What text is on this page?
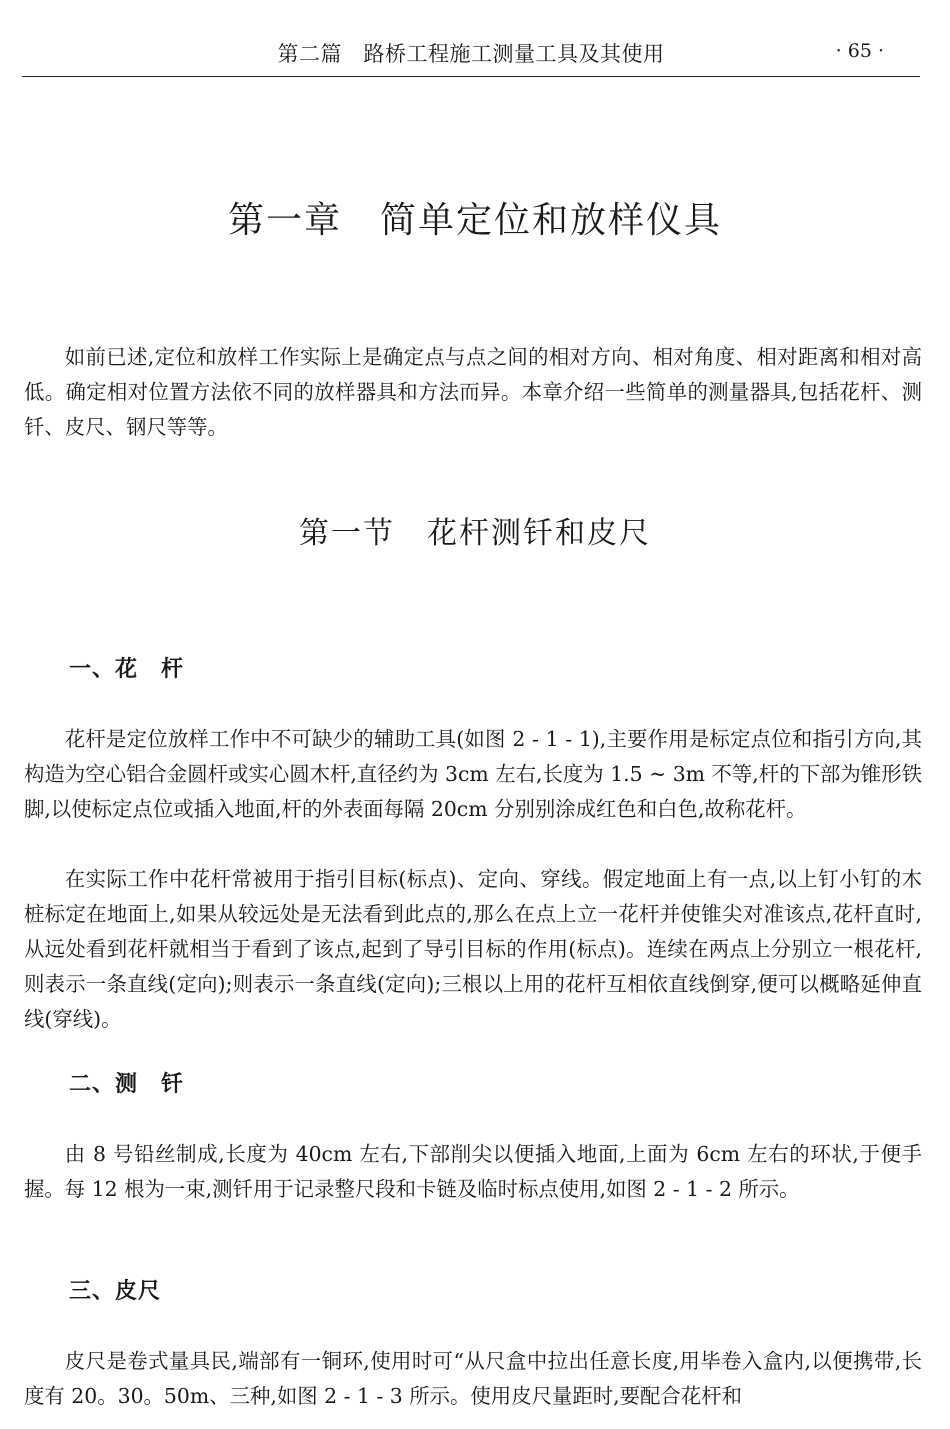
第二篇　路桥工程施工测量工具及其使用	· 65 ·
第一章　简单定位和放样仪具

如前已述,定位和放样工作实际上是确定点与点之间的相对方向、相对角度、相对距离和相对高低。确定相对位置方法依不同的放样器具和方法而异。本章介绍一些简单的测量器具,包括花杆、测钎、皮尺、钢尺等等。

第一节　花杆测钎和皮尺
一、花　杆

花杆是定位放样工作中不可缺少的辅助工具(如图 2 - 1 - 1),主要作用是标定点位和指引方向,其构造为空心铝合金圆杆或实心圆木杆,直径约为 3cm 左右,长度为 1.5 ~ 3m 不等,杆的下部为锥形铁脚,以使标定点位或插入地面,杆的外表面每隔 20cm 分别别涂成红色和白色,故称花杆。

在实际工作中花杆常被用于指引目标(标点)、定向、穿线。假定地面上有一点,以上钉小钉的木桩标定在地面上,如果从较远处是无法看到此点的,那么在点上立一花杆并使锥尖对准该点,花杆直时,从远处看到花杆就相当于看到了该点,起到了导引目标的作用(标点)。连续在两点上分别立一根花杆,则表示一条直线(定向);则表示一条直线(定向);三根以上用的花杆互相依直线倒穿,便可以概略延伸直线(穿线)。

二、测　钎

由 8 号铅丝制成,长度为 40cm 左右,下部削尖以便插入地面,上面为 6cm 左右的环状,于便手握。每 12 根为一束,测钎用于记录整尺段和卡链及临时标点使用,如图 2 - 1 - 2 所示。

三、皮尺

皮尺是卷式量具民,端部有一铜环,使用时可“从尺盒中拉出任意长度,用毕卷入盒内,以便携带,长度有 20。30。50m、三种,如图 2 - 1 - 3 所示。使用皮尺量距时,要配合花杆和
